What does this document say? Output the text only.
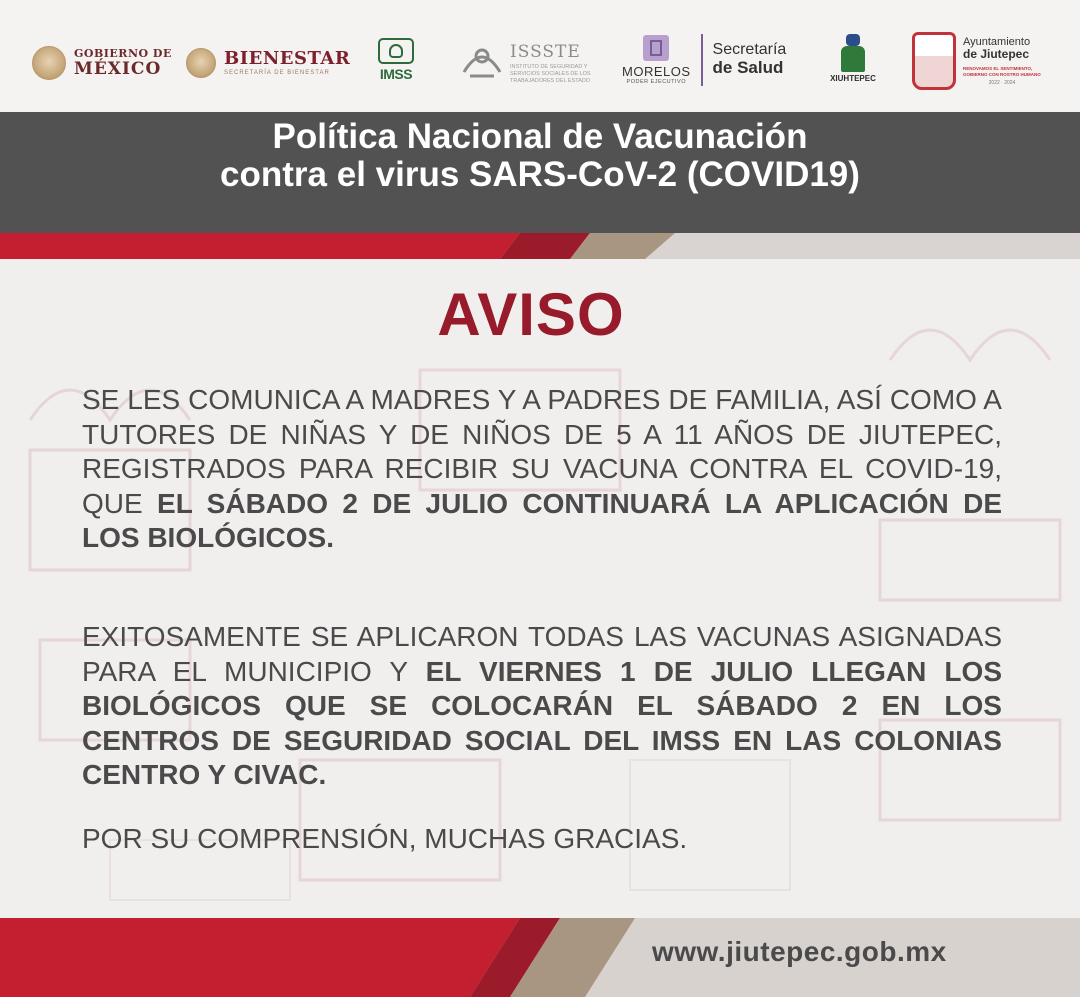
GOBIERNO DE
MÉXICO	BIENESTAR
SECRETARÍA DE BIENESTAR	IMSS
ISSSTE
INSTITUTO DE SEGURIDAD Y SERVICIOS SOCIALES DE LOS TRABAJADORES DEL ESTADO
MORELOS
PODER EJECUTIVO
Secretaría
de Salud
XIUHTEPEC
Ayuntamiento
de Jiutepec
RENOVAMOS EL SENTIMIENTO, GOBIERNO CON ROSTRO HUMANO
2022 · 2024
Política Nacional de Vacunación
contra el virus SARS-CoV-2 (COVID19)
AVISO

SE LES COMUNICA A MADRES Y A PADRES DE FAMILIA, ASÍ COMO A TUTORES DE NIÑAS Y DE NIÑOS DE 5 A 11 AÑOS DE JIUTEPEC, REGISTRADOS PARA RECIBIR SU VACUNA CONTRA EL COVID-19, QUE EL SÁBADO 2 DE JULIO CONTINUARÁ LA APLICACIÓN DE LOS BIOLÓGICOS.

EXITOSAMENTE SE APLICARON TODAS LAS VACUNAS ASIGNADAS PARA EL MUNICIPIO Y EL VIERNES 1 DE JULIO LLEGAN LOS BIOLÓGICOS QUE SE COLOCARÁN EL SÁBADO 2 EN LOS CENTROS DE SEGURIDAD SOCIAL DEL IMSS EN LAS COLONIAS CENTRO Y CIVAC.

POR SU COMPRENSIÓN, MUCHAS GRACIAS.

www.jiutepec.gob.mx
